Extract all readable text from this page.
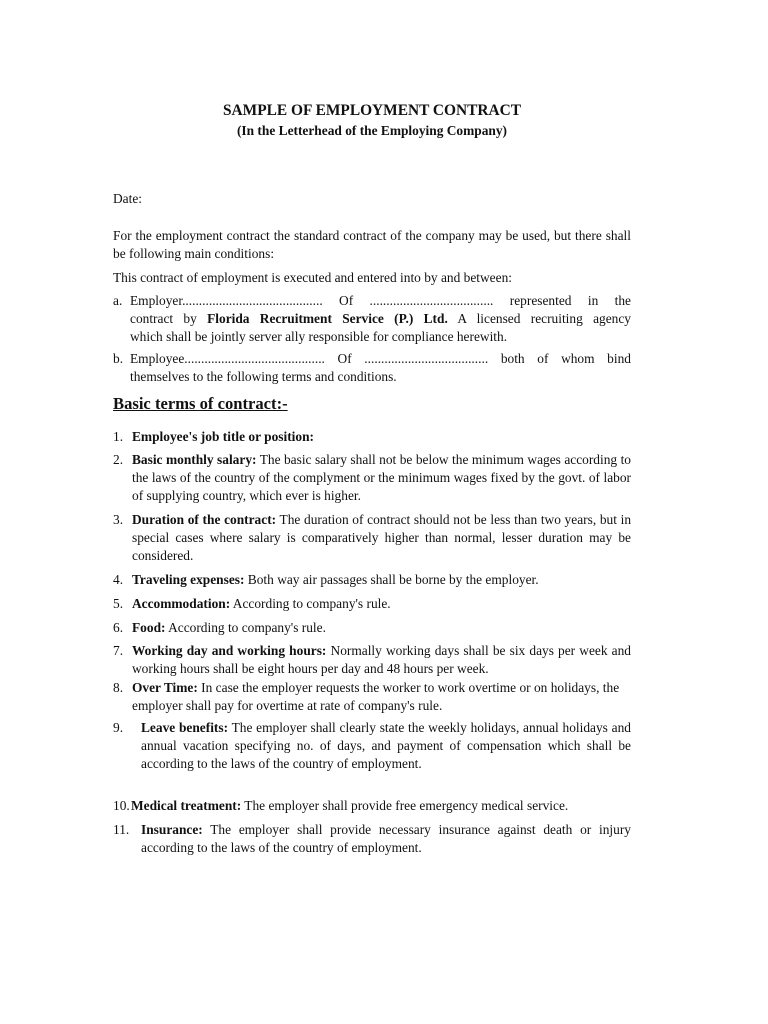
SAMPLE OF EMPLOYMENT CONTRACT
(In the Letterhead of the Employing Company)
Date:
For the employment contract the standard contract of the company may be used, but there shall be following main conditions:
This contract of employment is executed and entered into by and between:
a. Employer.......................................... Of ..................................... represented in the
contract by Florida Recruitment Service (P.) Ltd. A licensed recruiting agency
which shall be jointly server ally responsible for compliance herewith.
b. Employee.......................................... Of ..................................... both of whom bind
themselves to the following terms and conditions.
Basic terms of contract:-
1. Employee's job title or position:
2. Basic monthly salary: The basic salary shall not be below the minimum wages according to the laws of the country of the complyment or the minimum wages fixed by the govt. of labor of supplying country, which ever is higher.
3. Duration of the contract: The duration of contract should not be less than two years, but in special cases where salary is comparatively higher than normal, lesser duration may be considered.
4. Traveling expenses: Both way air passages shall be borne by the employer.
5. Accommodation: According to company's rule.
6. Food: According to company's rule.
7. Working day and working hours: Normally working days shall be six days per week and working hours shall be eight hours per day and 48 hours per week.
8. Over Time: In case the employer requests the worker to work overtime or on holidays, the employer shall pay for overtime at rate of company's rule.
9. Leave benefits: The employer shall clearly state the weekly holidays, annual holidays and annual vacation specifying no. of days, and payment of compensation which shall be according to the laws of the country of employment.
10. Medical treatment: The employer shall provide free emergency medical service.
11. Insurance: The employer shall provide necessary insurance against death or injury according to the laws of the country of employment.
